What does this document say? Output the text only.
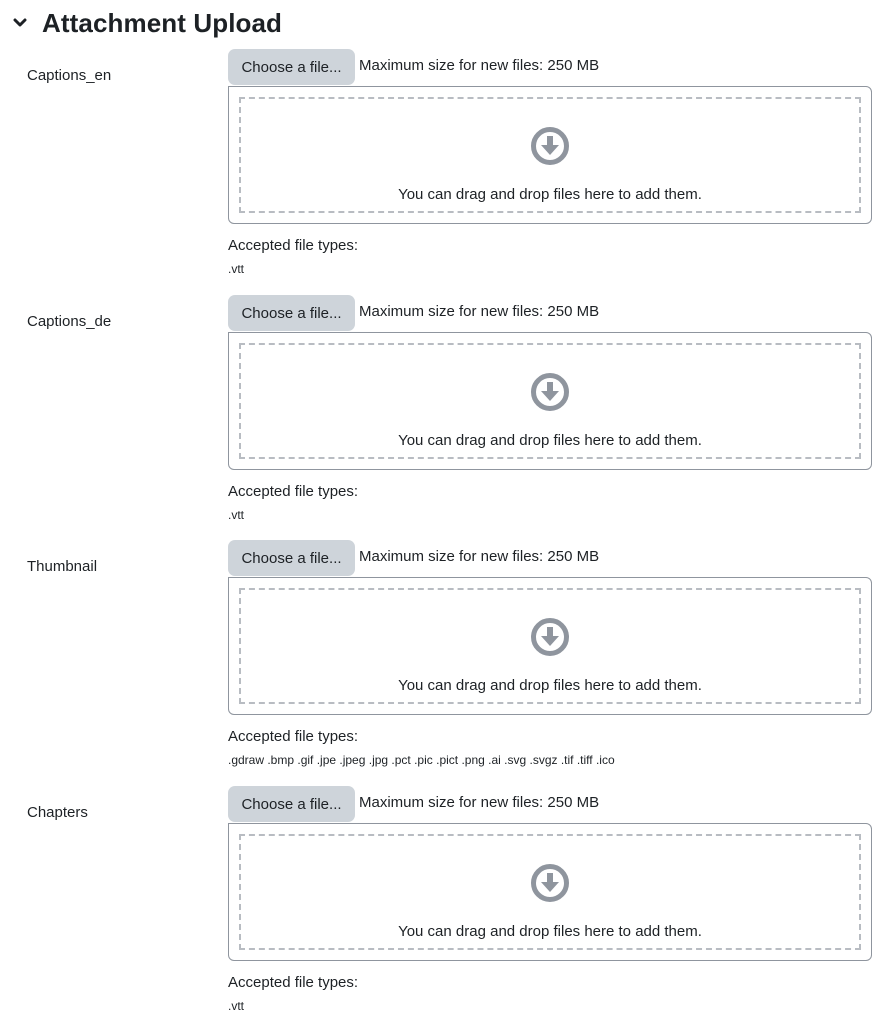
Attachment Upload
Captions_en	Choose a file...	Maximum size for new files: 250 MB
You can drag and drop files here to add them.
Accepted file types:
.vtt
Captions_de	Choose a file...	Maximum size for new files: 250 MB
You can drag and drop files here to add them.
Accepted file types:
.vtt
Thumbnail	Choose a file...	Maximum size for new files: 250 MB
You can drag and drop files here to add them.
Accepted file types:
.gdraw .bmp .gif .jpe .jpeg .jpg .pct .pic .pict .png .ai .svg .svgz .tif .tiff .ico
Chapters	Choose a file...	Maximum size for new files: 250 MB
You can drag and drop files here to add them.
Accepted file types:
.vtt
